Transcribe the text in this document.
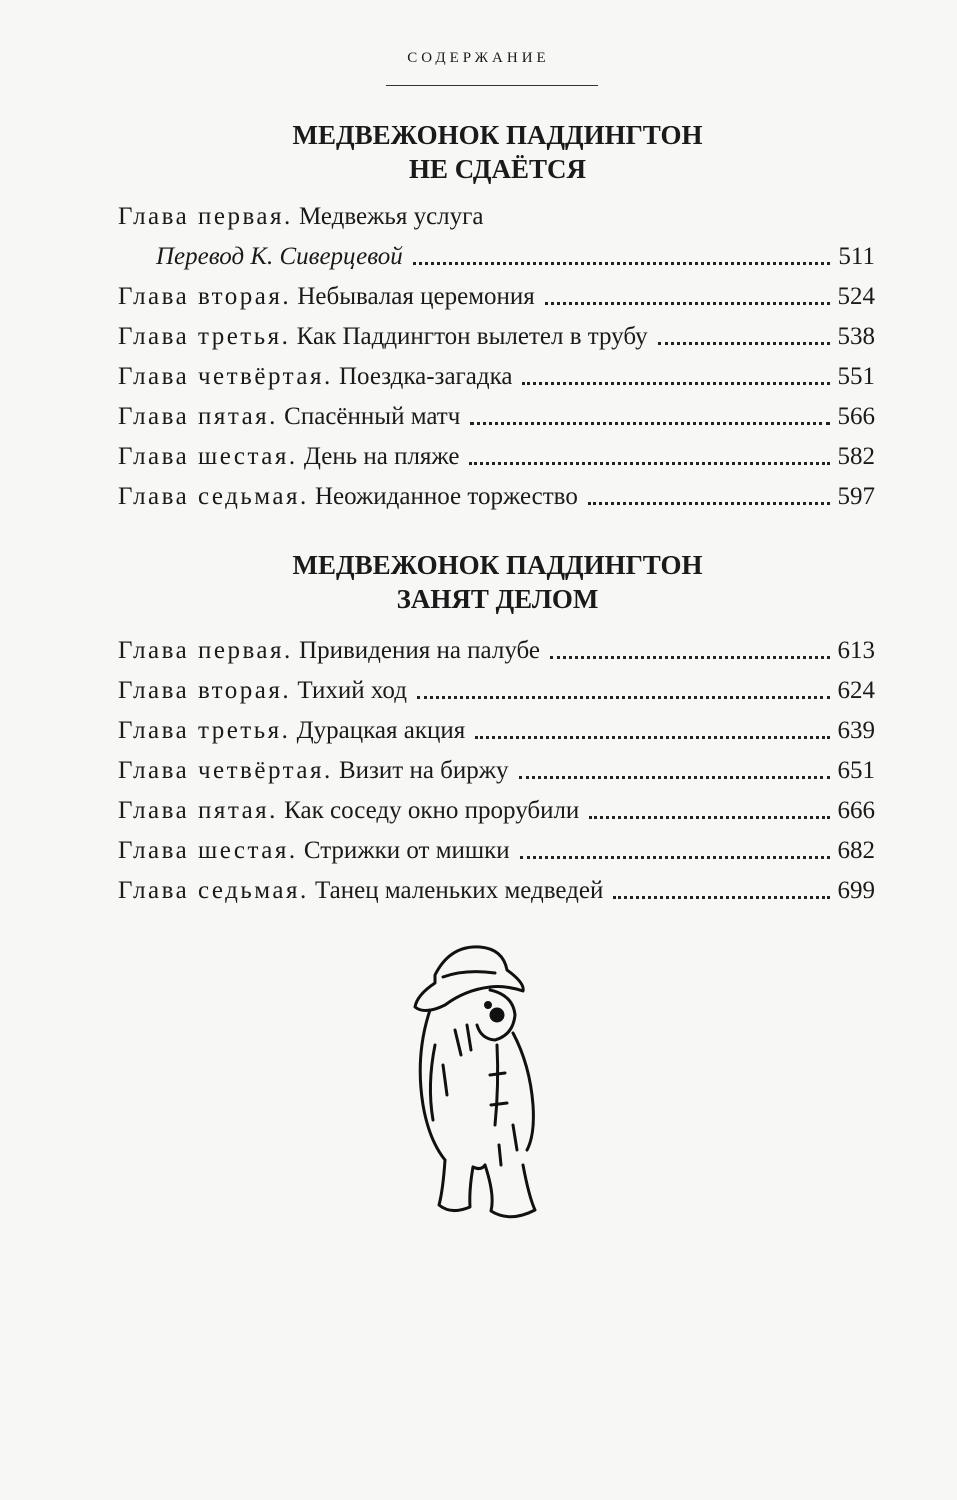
СОДЕРЖАНИЕ
МЕДВЕЖОНОК ПАДДИНГТОН
НЕ СДАЁТСЯ
Глава первая. Медвежья услуга
Перевод К. Сиверцевой	511
Глава вторая. Небывалая церемония	524
Глава третья. Как Паддингтон вылетел в трубу	538
Глава четвёртая. Поездка-загадка	551
Глава пятая. Спасённый матч	566
Глава шестая. День на пляже	582
Глава седьмая. Неожиданное торжество	597
МЕДВЕЖОНОК ПАДДИНГТОН
ЗАНЯТ ДЕЛОМ
Глава первая. Привидения на палубе	613
Глава вторая. Тихий ход	624
Глава третья. Дурацкая акция	639
Глава четвёртая. Визит на биржу	651
Глава пятая. Как соседу окно прорубили	666
Глава шестая. Стрижки от мишки	682
Глава седьмая. Танец маленьких медведей	699
